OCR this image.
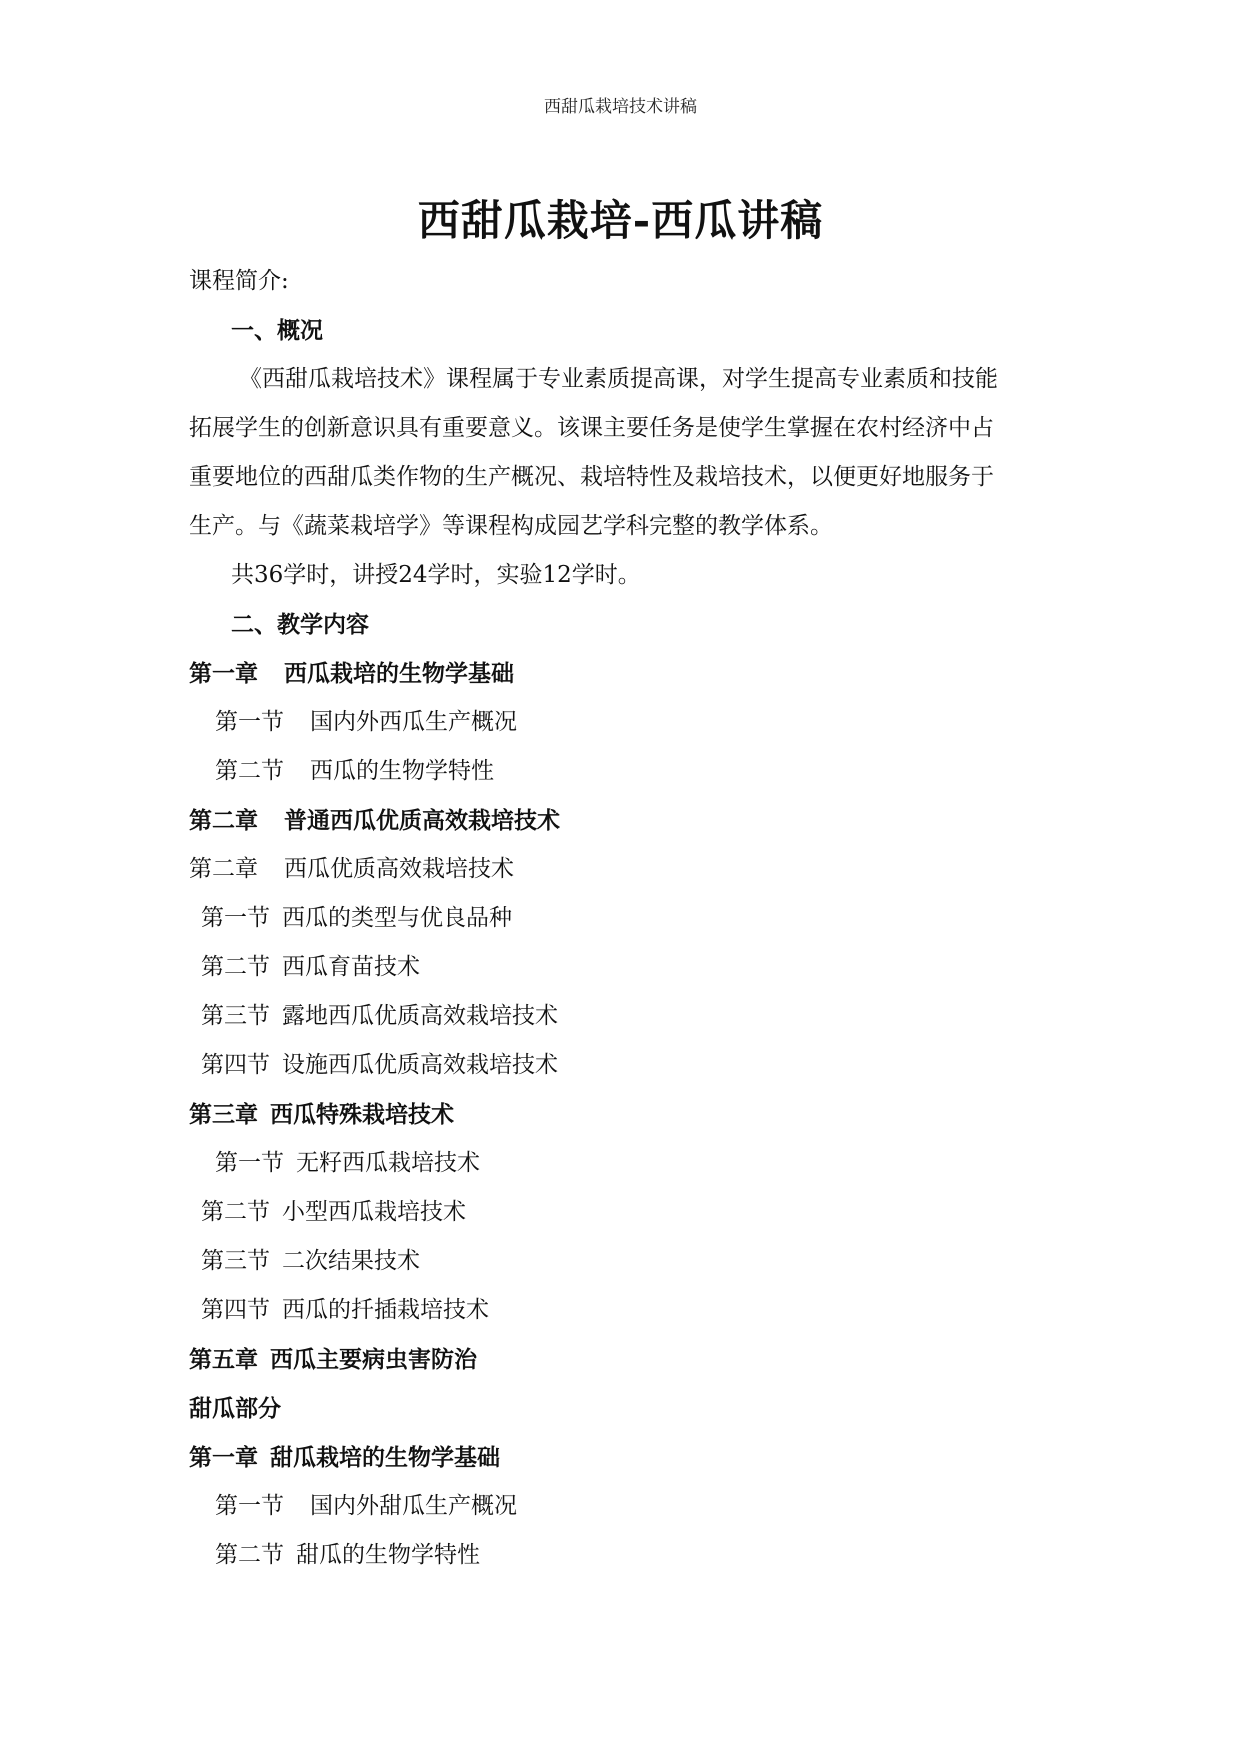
西甜瓜栽培技术讲稿
西甜瓜栽培-西瓜讲稿
课程简介:
一、概况
《西甜瓜栽培技术》课程属于专业素质提高课，对学生提高专业素质和技能
拓展学生的创新意识具有重要意义。该课主要任务是使学生掌握在农村经济中占
重要地位的西甜瓜类作物的生产概况、栽培特性及栽培技术，以便更好地服务于
生产。与《蔬菜栽培学》等课程构成园艺学科完整的教学体系。
共36学时，讲授24学时，实验12学时。
二、教学内容
第一章 西瓜栽培的生物学基础
第一节 国内外西瓜生产概况
第二节 西瓜的生物学特性
第二章 普通西瓜优质高效栽培技术
第二章 西瓜优质高效栽培技术
第一节 西瓜的类型与优良品种
第二节 西瓜育苗技术
第三节 露地西瓜优质高效栽培技术
第四节 设施西瓜优质高效栽培技术
第三章 西瓜特殊栽培技术
第一节 无籽西瓜栽培技术
第二节 小型西瓜栽培技术
第三节 二次结果技术
第四节 西瓜的扦插栽培技术
第五章 西瓜主要病虫害防治
甜瓜部分
第一章 甜瓜栽培的生物学基础
第一节 国内外甜瓜生产概况
第二节 甜瓜的生物学特性
